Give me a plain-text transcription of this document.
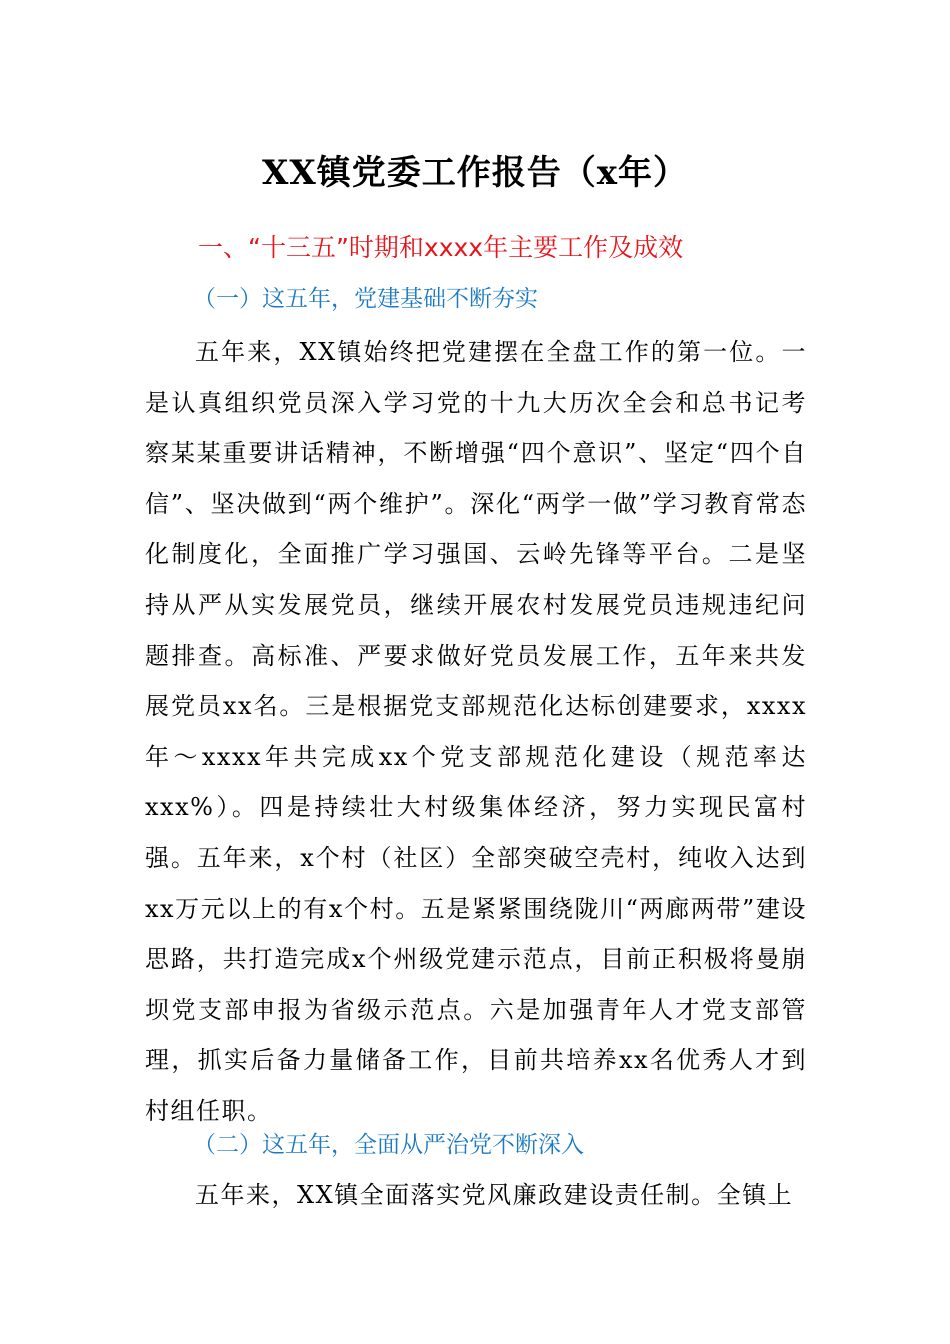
XX镇党委工作报告（x年）
一、“十三五”时期和xxxx年主要工作及成效
（一）这五年，党建基础不断夯实

五年来，XX镇始终把党建摆在全盘工作的第一位。一是认真组织党员深入学习党的十九大历次全会和总书记考察某某重要讲话精神，不断增强“四个意识”、坚定“四个自信”、坚决做到“两个维护”。深化“两学一做”学习教育常态化制度化，全面推广学习强国、云岭先锋等平台。二是坚持从严从实发展党员，继续开展农村发展党员违规违纪问题排查。高标准、严要求做好党员发展工作，五年来共发展党员xx名。三是根据党支部规范化达标创建要求，xxxx年～xxxx年共完成xx个党支部规范化建设（规范率达xxx%）。四是持续壮大村级集体经济，努力实现民富村强。五年来，x个村（社区）全部突破空壳村，纯收入达到xx万元以上的有x个村。五是紧紧围绕陇川“两廊两带”建设思路，共打造完成x个州级党建示范点，目前正积极将曼崩坝党支部申报为省级示范点。六是加强青年人才党支部管理，抓实后备力量储备工作，目前共培养xx名优秀人才到村组任职。

（二）这五年，全面从严治党不断深入

五年来，XX镇全面落实党风廉政建设责任制。全镇上
